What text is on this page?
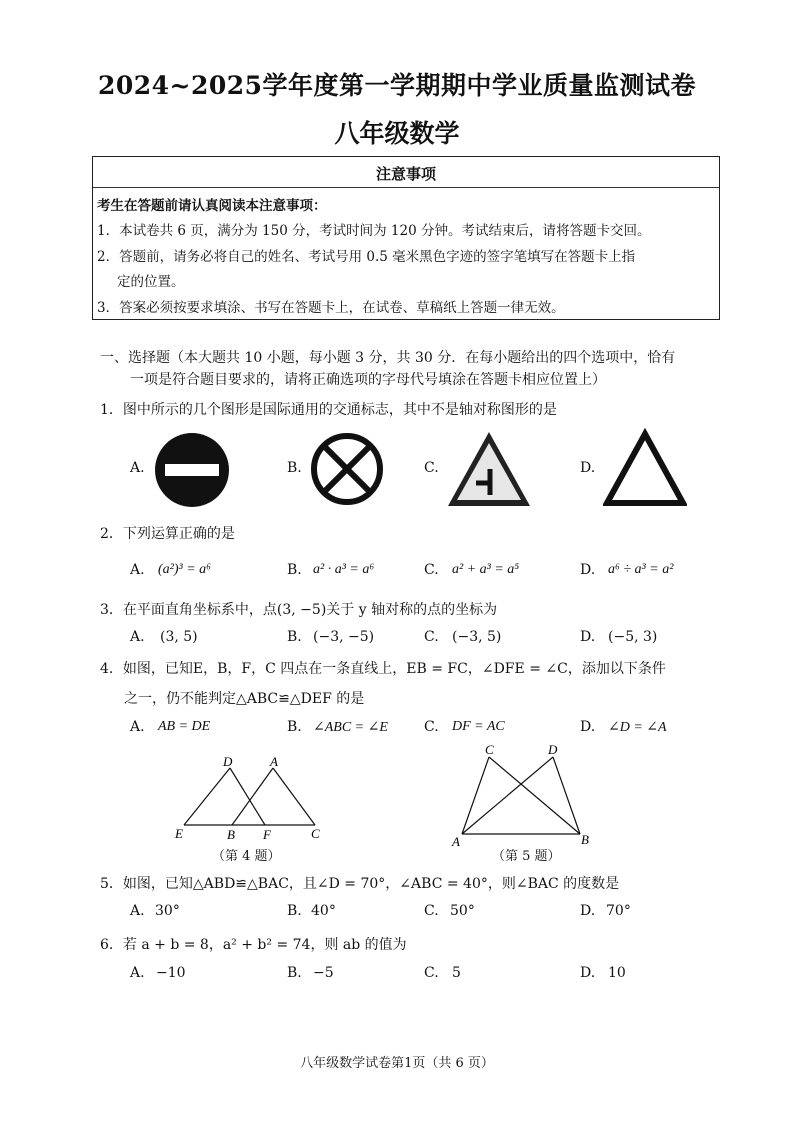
2024~2025学年度第一学期期中学业质量监测试卷
八年级数学
注意事项
考生在答题前请认真阅读本注意事项：
1．本试卷共 6 页，满分为 150 分，考试时间为 120 分钟。考试结束后，请将答题卡交回。
2．答题前，请务必将自己的姓名、考试号用 0.5 毫米黑色字迹的签字笔填写在答题卡上指
定的位置。
3．答案必须按要求填涂、书写在答题卡上，在试卷、草稿纸上答题一律无效。
一、选择题（本大题共 10 小题，每小题 3 分，共 30 分．在每小题给出的四个选项中，恰有
一项是符合题目要求的，请将正确选项的字母代号填涂在答题卡相应位置上）
1．图中所示的几个图形是国际通用的交通标志，其中不是轴对称图形的是
A.	B.	C.	D.
2．下列运算正确的是
A. (a²)³ = a⁶	B. a² · a³ = a⁶	C. a² + a³ = a⁵	D. a⁶ ÷ a³ = a²
3．在平面直角坐标系中，点(3, −5)关于 y 轴对称的点的坐标为
A. (3, 5)	B. (−3, −5)	C. (−3, 5)	D. (−5, 3)
4．如图，已知E，B，F，C 四点在一条直线上，EB = FC，∠DFE = ∠C，添加以下条件
之一，仍不能判定△ABC≌△DEF 的是
A. AB = DE	B. ∠ABC = ∠E	C. DF = AC	D. ∠D = ∠A
D	A
E	B F	C
（第 4 题）
C	D
A	B
（第 5 题）
5．如图，已知△ABD≌△BAC，且∠D = 70°，∠ABC = 40°，则∠BAC 的度数是
A. 30°	B. 40°	C. 50°	D. 70°
6．若 a + b = 8，a² + b² = 74，则 ab 的值为
A. −10	B. −5	C. 5	D. 10
八年级数学试卷第1页（共 6 页）
